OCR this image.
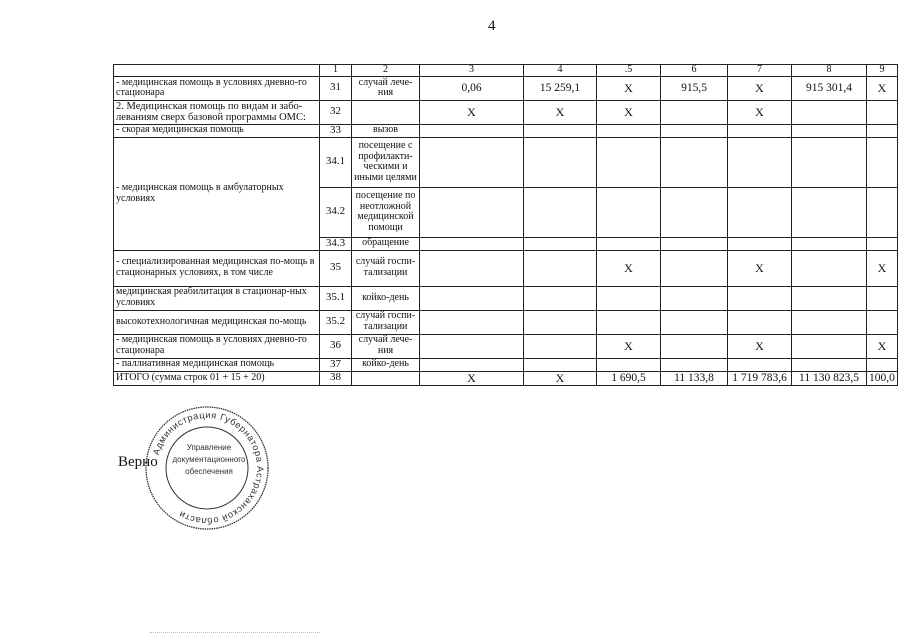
4
	1	2	3	4	.5	6	7	8	9
- медицинская помощь в условиях дневно-го стационара	31	случай лече-ния	0,06	15 259,1	Х	915,5	Х	915 301,4	Х
2. Медицинская помощь по видам и забо-леваниям сверх базовой программы ОМС:	32		Х	Х	Х		Х		
- скорая медицинская помощь	33	вызов							
- медицинская помощь в амбулаторных условиях	34.1	посещение с профилакти-ческими и иными целями							
	34.2	посещение по неотложной медицинской помощи							
	34.3	обращение							
- специализированная медицинская по-мощь в стационарных условиях, в том числе	35	случай госпи-тализации			Х		Х		Х
медицинская реабилитация в стационар-ных условиях	35.1	койко-день							
высокотехнологичная медицинская по-мощь	35.2	случай госпи-тализации							
- медицинская помощь в условиях дневно-го стационара	36	случай лече-ния			Х		Х		Х
- паллиативная медицинская помощь	37	койко-день							
ИТОГО (сумма строк 01 + 15 + 20)	38		Х	Х	1 690,5	11 133,8	1 719 783,6	11 130 823,5	100,0
Верно
Администрация Губернатора Астраханской области
Управление
документационного
обеспечения
